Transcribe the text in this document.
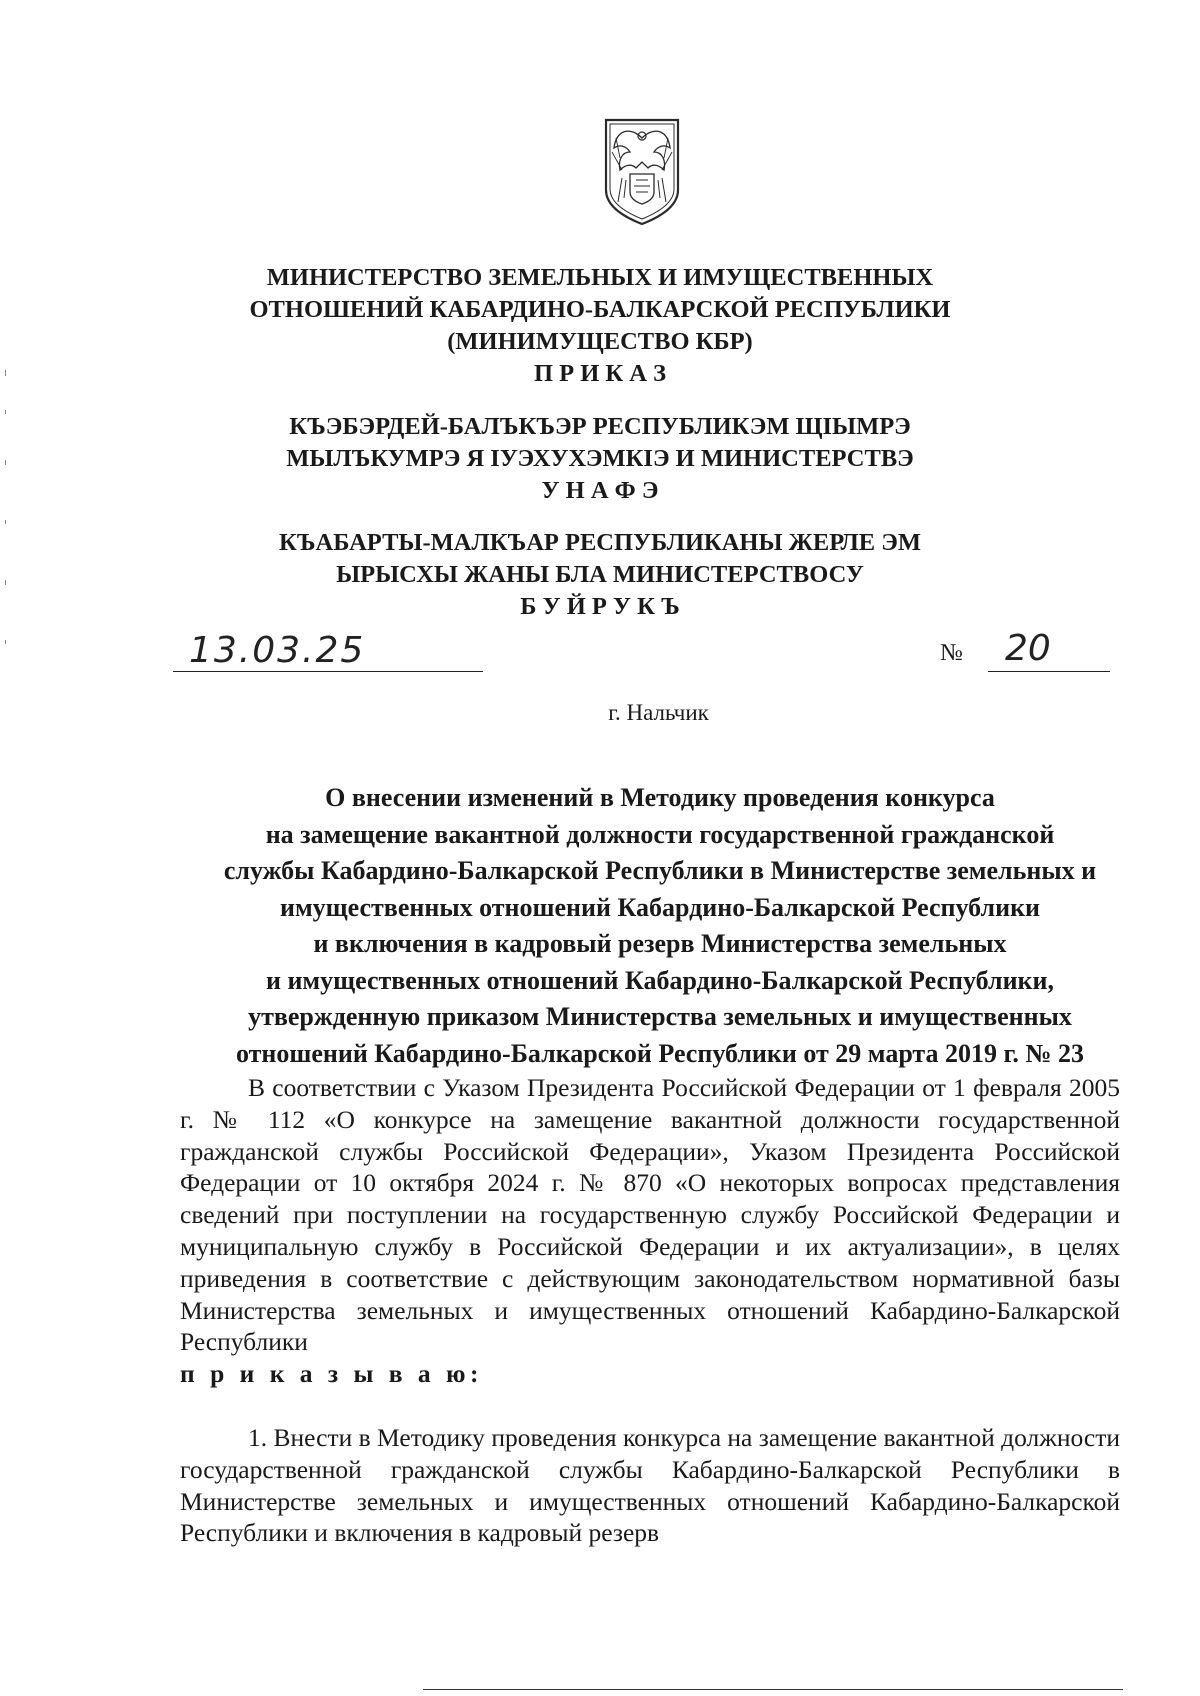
МИНИСТЕРСТВО ЗЕМЕЛЬНЫХ И ИМУЩЕСТВЕННЫХ
ОТНОШЕНИЙ КАБАРДИНО-БАЛКАРСКОЙ РЕСПУБЛИКИ
(МИНИМУЩЕСТВО КБР)
П Р И К А З
КЪЭБЭРДЕЙ-БАЛЪКЪЭР РЕСПУБЛИКЭМ ЩIЫМРЭ
МЫЛЪКУМРЭ Я IУЭХУХЭМКIЭ И МИНИСТЕРСТВЭ
У Н А Ф Э
КЪАБАРТЫ-МАЛКЪАР РЕСПУБЛИКАНЫ ЖЕРЛЕ ЭМ
ЫРЫСХЫ ЖАНЫ БЛА МИНИСТЕРСТВОСУ
Б У Й Р У К Ъ
13.03.25	№ 20
г. Нальчик
О внесении изменений в Методику проведения конкурса
на замещение вакантной должности государственной гражданской
службы Кабардино-Балкарской Республики в Министерстве земельных и
имущественных отношений Кабардино-Балкарской Республики
и включения в кадровый резерв Министерства земельных
и имущественных отношений Кабардино-Балкарской Республики,
утвержденную приказом Министерства земельных и имущественных
отношений Кабардино-Балкарской Республики от 29 марта 2019 г. № 23
В соответствии с Указом Президента Российской Федерации от 1 февраля 2005 г. № 112 «О конкурсе на замещение вакантной должности государственной гражданской службы Российской Федерации», Указом Президента Российской Федерации от 10 октября 2024 г. № 870 «О некоторых вопросах представления сведений при поступлении на государственную службу Российской Федерации и муниципальную службу в Российской Федерации и их актуализации», в целях приведения в соответствие с действующим законодательством нормативной базы Министерства земельных и имущественных отношений Кабардино-Балкарской Республики
п р и к а з ы в а ю:
1. Внести в Методику проведения конкурса на замещение вакантной должности государственной гражданской службы Кабардино-Балкарской Республики в Министерстве земельных и имущественных отношений Кабардино-Балкарской Республики и включения в кадровый резерв
